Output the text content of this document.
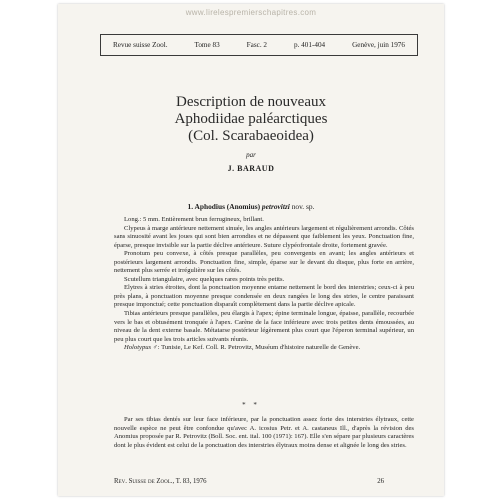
www.lirelespremierschapitres.com
Revue suisse Zool.	Tome 83	Fasc. 2	p. 401-404	Genève, juin 1976
Description de nouveaux
Aphodiidae paléarctiques
(Col. Scarabaeoidea)
par
J. BARAUD
1. Aphodius (Anomius) petrovitzi nov. sp.

Long.: 5 mm. Entièrement brun ferrugineux, brillant.

Clypeus à marge antérieure nettement sinuée, les angles antérieurs largement et régulièrement arrondis. Côtés sans sinuosité avant les joues qui sont bien arrondies et ne dépassent que faiblement les yeux. Ponctuation fine, éparse, presque invisible sur la partie déclive antérieure. Suture clypéofrontale droite, fortement gravée.

Pronotum peu convexe, à côtés presque parallèles, peu convergents en avant; les angles antérieurs et postérieurs largement arrondis. Ponctuation fine, simple, éparse sur le devant du disque, plus forte en arrière, nettement plus serrée et irrégulière sur les côtés.

Scutellum triangulaire, avec quelques rares points très petits.

Elytres à stries étroites, dont la ponctuation moyenne entame nettement le bord des interstries; ceux-ci à peu près plans, à ponctuation moyenne presque condensée en deux rangées le long des stries, le centre paraissant presque imponctué; cette ponctuation disparaît complètement dans la partie déclive apicale.

Tibias antérieurs presque parallèles, peu élargis à l'apex; épine terminale longue, épaisse, parallèle, recourbée vers le bas et obtusément tronquée à l'apex. Carène de la face inférieure avec trois petites dents émoussées, au niveau de la dent externe basale. Métatarse postérieur légèrement plus court que l'éperon terminal supérieur, un peu plus court que les trois articles suivants réunis.

Holotypus ♂: Tunisie, Le Kef. Coll. R. Petrovitz, Muséum d'histoire naturelle de Genève.

* *

Par ses tibias dentés sur leur face inférieure, par la ponctuation assez forte des interstries élytraux, cette nouvelle espèce ne peut être confondue qu'avec A. icosius Petr. et A. castaneus Ill., d'après la révision des Anomius proposée par R. Petrovitz (Boll. Soc. ent. ital. 100 (1971): 167). Elle s'en sépare par plusieurs caractères dont le plus évident est celui de la ponctuation des interstries élytraux moins dense et alignée le long des stries.

Rev. Suisse de Zool., T. 83, 1976	26
